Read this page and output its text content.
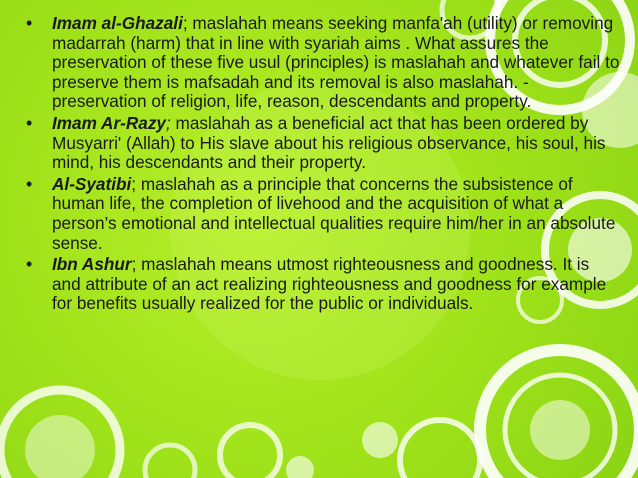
• Imam al-Ghazali; maslahah means seeking manfa'ah (utility) or removing madarrah (harm) that in line with syariah aims . What assures the preservation of these five usul (principles) is maslahah and whatever fail to preserve them is mafsadah and its removal is also maslahah. - preservation of religion, life, reason, descendants and property.
• Imam Ar-Razy; maslahah as a beneficial act that has been ordered by Musyarri' (Allah) to His slave about his religious observance, his soul, his mind, his descendants and their property.
• Al-Syatibi; maslahah as a principle that concerns the subsistence of human life, the completion of livehood and the acquisition of what a person’s emotional and intellectual qualities require him/her in an absolute sense.
• Ibn Ashur; maslahah means utmost righteousness and goodness. It is and attribute of an act realizing righteousness and goodness for example for benefits usually realized for the public or individuals.
